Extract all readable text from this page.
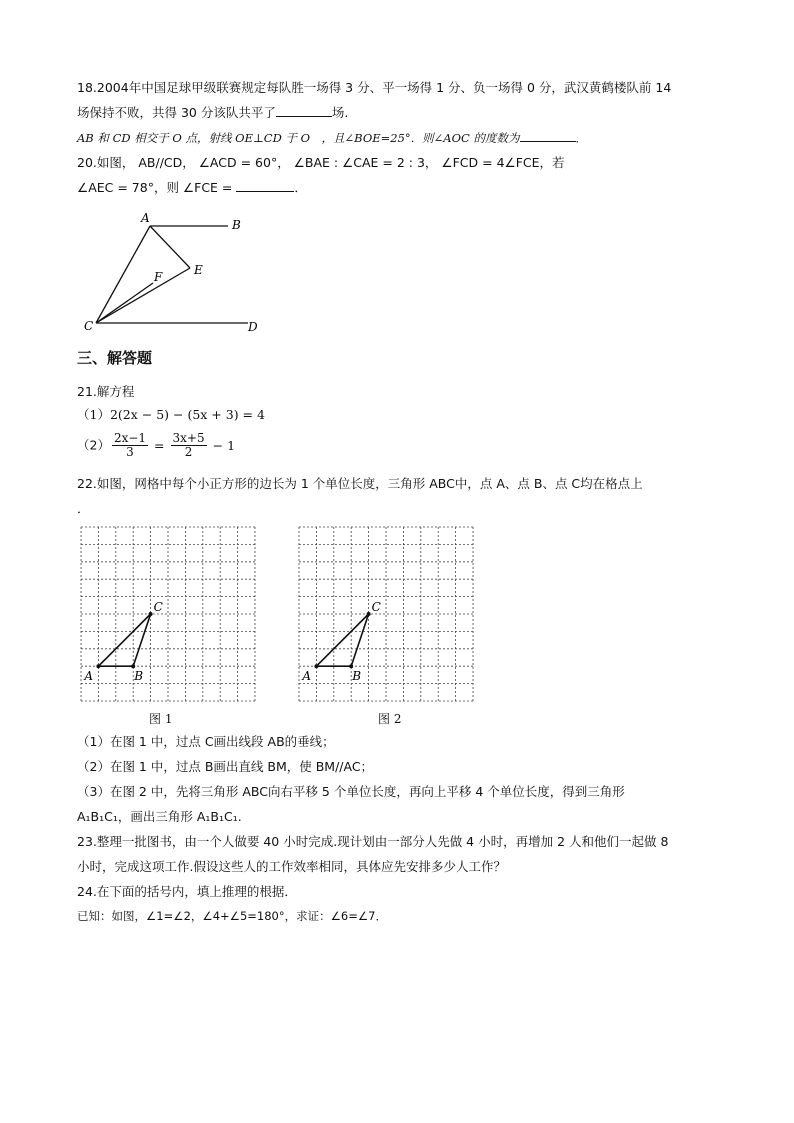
18.2004年中国足球甲级联赛规定每队胜一场得 3 分、平一场得 1 分、负一场得 0 分，武汉黄鹤楼队前 14
场保持不败，共得 30 分该队共平了	场.
AB 和 CD 相交于 O 点，射线 OE⊥CD 于 O　，且∠BOE=25°．则∠AOC 的度数为	．
20.如图， AB//CD， ∠ACD = 60°， ∠BAE : ∠CAE = 2 : 3， ∠FCD = 4∠FCE，若
∠AEC = 78°，则 ∠FCE =	．
A	B
C	D
E
F
三、解答题
21.解方程
（1）2(2x − 5) − (5x + 3) = 4
$(2) \frac{2x-1}{3} = \frac{3x+5}{2} - 1$
22.如图，网格中每个小正方形的边长为 1 个单位长度，三角形 ABC中，点 A、点 B、点 C均在格点上
．
A	B
C
A	B
C
图 1	图 2
（1）在图 1 中，过点 C画出线段 AB的垂线；
（2）在图 1 中，过点 B画出直线 BM，使 BM//AC；
（3）在图 2 中，先将三角形 ABC向右平移 5 个单位长度，再向上平移 4 个单位长度，得到三角形
A₁B₁C₁，画出三角形 A₁B₁C₁.
23.整理一批图书，由一个人做要 40 小时完成.现计划由一部分人先做 4 小时，再增加 2 人和他们一起做 8
小时，完成这项工作.假设这些人的工作效率相同，具体应先安排多少人工作？
24.在下面的括号内，填上推理的根据．
已知：如图，∠1=∠2，∠4+∠5=180°，求证：∠6=∠7．
